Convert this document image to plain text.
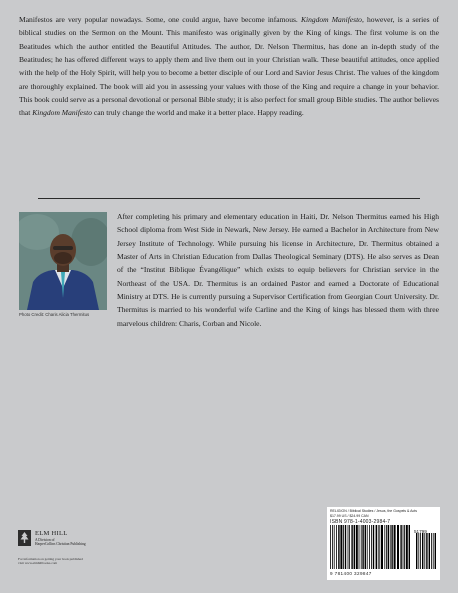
Manifestos are very popular nowadays. Some, one could argue, have become infamous. Kingdom Manifesto, however, is a series of biblical studies on the Sermon on the Mount. This manifesto was originally given by the King of kings. The first volume is on the Beatitudes which the author entitled the Beautiful Attitudes. The author, Dr. Nelson Thermitus, has done an in-depth study of the Beatitudes; he has offered different ways to apply them and live them out in your Christian walk. These beautiful attitudes, once applied with the help of the Holy Spirit, will help you to become a better disciple of our Lord and Savior Jesus Christ. The values of the kingdom are thoroughly explained. The book will aid you in assessing your values with those of the King and require a change in your behavior. This book could serve as a personal devotional or personal Bible study; it is also perfect for small group Bible studies. The author believes that Kingdom Manifesto can truly change the world and make it a better place. Happy reading.
Photo Credit: Charis Alicia Thermitus
After completing his primary and elementary education in Haiti, Dr. Nelson Thermitus earned his High School diploma from West Side in Newark, New Jersey. He earned a Bachelor in Architecture from New Jersey Institute of Technology. While pursuing his license in Architecture, Dr. Thermitus obtained a Master of Arts in Christian Education from Dallas Theological Seminary (DTS). He also serves as Dean of the “Institut Biblique Évangélique” which exists to equip believers for Christian service in the Northeast of the USA. Dr. Thermitus is an ordained Pastor and earned a Doctorate of Educational Ministry at DTS. He is currently pursuing a Supervisor Certification from Georgian Court University. Dr. Thermitus is married to his wonderful wife Carline and the King of kings has blessed them with three marvelous children: Charis, Corban and Nicole.
ELM HILL
A Division of
HarperCollins Christian Publishing
For information on getting your book published
visit www.elmhillbooks.com
RELIGION / Biblical Studies / Jesus, the Gospels & Acts
$17.99 US / $24.99 CAN
ISBN 978-1-4003-2984-7
51799
9 781400 329847
